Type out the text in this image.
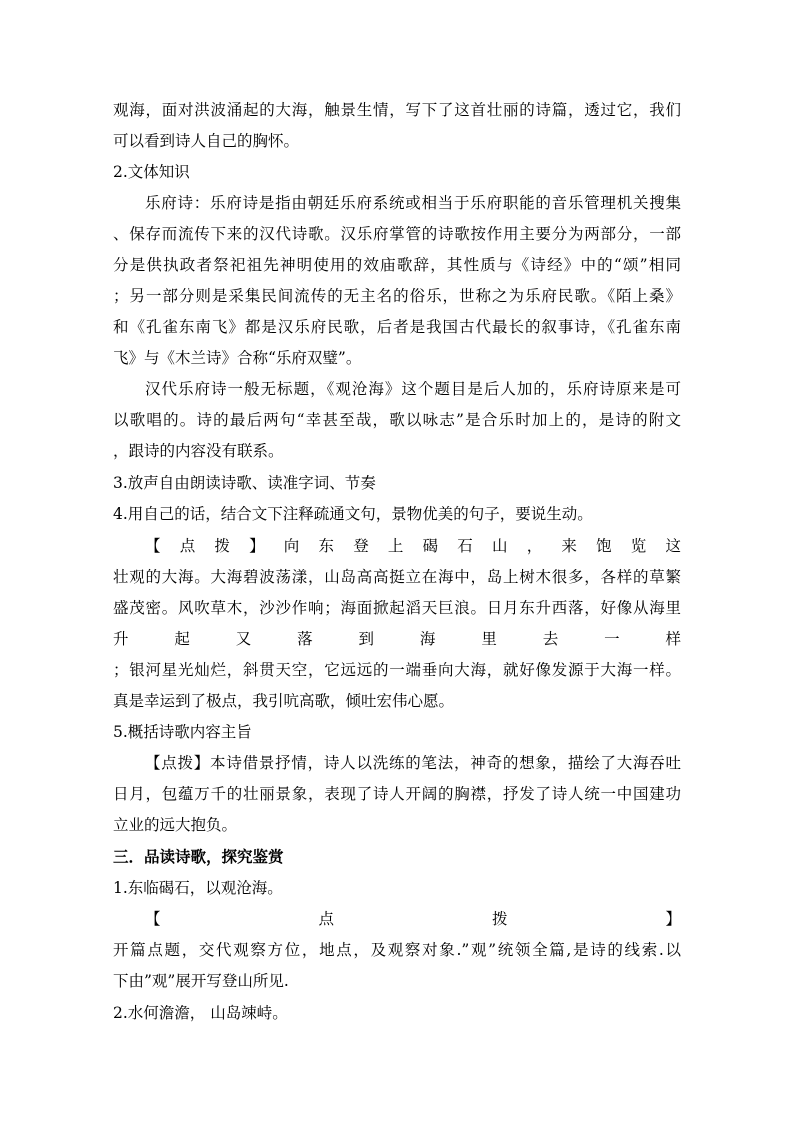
观海，面对洪波涌起的大海，触景生情，写下了这首壮丽的诗篇，透过它，我们
可以看到诗人自己的胸怀。
2.文体知识
乐府诗：乐府诗是指由朝廷乐府系统或相当于乐府职能的音乐管理机关搜集
、保存而流传下来的汉代诗歌。汉乐府掌管的诗歌按作用主要分为两部分，一部
分是供执政者祭祀祖先神明使用的效庙歌辞，其性质与《诗经》中的“颂”相同
；另一部分则是采集民间流传的无主名的俗乐，世称之为乐府民歌。《陌上桑》
和《孔雀东南飞》都是汉乐府民歌，后者是我国古代最长的叙事诗，《孔雀东南
飞》与《木兰诗》合称“乐府双璧”。
汉代乐府诗一般无标题，《观沧海》这个题目是后人加的，乐府诗原来是可
以歌唱的。诗的最后两句“幸甚至哉，歌以咏志”是合乐时加上的，是诗的附文
，跟诗的内容没有联系。
3.放声自由朗读诗歌、读准字词、节奏
4.用自己的话，结合文下注释疏通文句，景物优美的句子，要说生动。
【点拨】向东登上碣石山，来饱览这
壮观的大海。大海碧波荡漾，山岛高高挺立在海中，岛上树木很多，各样的草繁
盛茂密。风吹草木，沙沙作响；海面掀起滔天巨浪。日月东升西落，好像从海里
升起又落到海里去一样
；银河星光灿烂，斜贯天空，它远远的一端垂向大海，就好像发源于大海一样。
真是幸运到了极点，我引吭高歌，倾吐宏伟心愿。
5.概括诗歌内容主旨
【点拨】本诗借景抒情，诗人以洗练的笔法，神奇的想象，描绘了大海吞吐
日月，包蕴万千的壮丽景象，表现了诗人开阔的胸襟，抒发了诗人统一中国建功
立业的远大抱负。
三．品读诗歌，探究鉴赏
1.东临碣石，以观沧海。
【点拨】
开篇点题，交代观察方位，地点，及观察对象.”观”统领全篇,是诗的线索.以
下由”观”展开写登山所见.
2.水何澹澹， 山岛竦峙。
